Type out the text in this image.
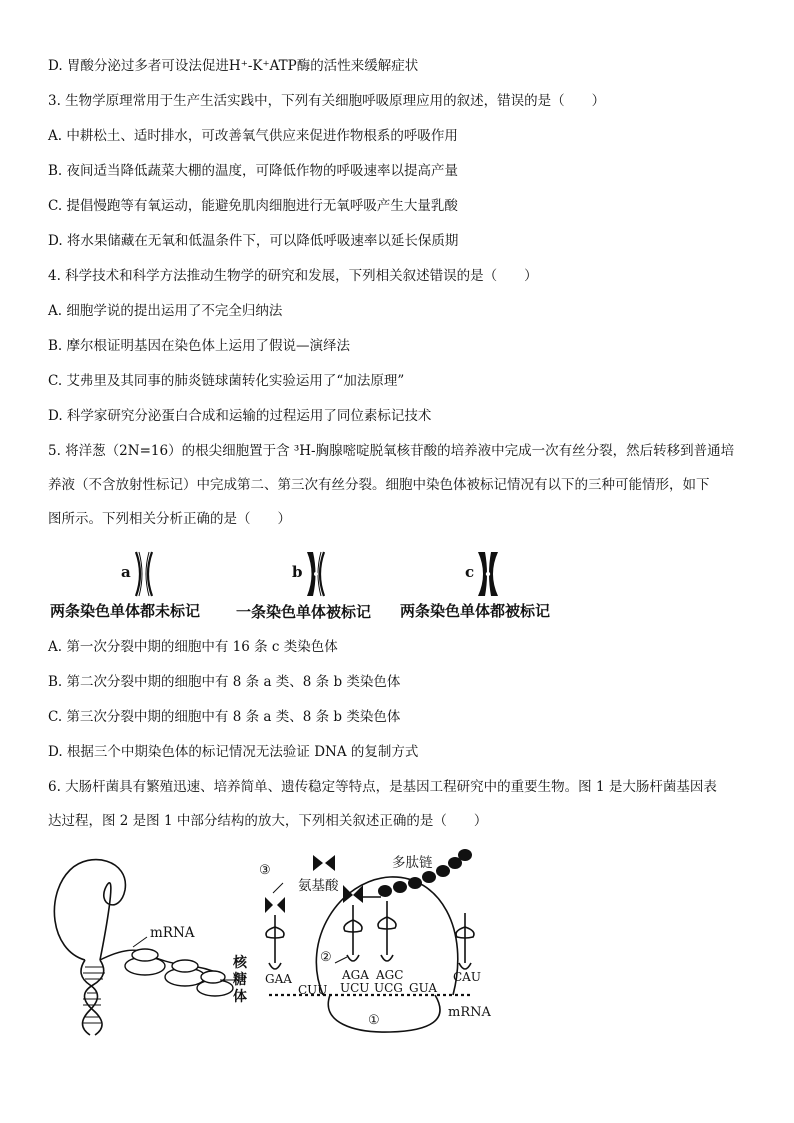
D. 胃酸分泌过多者可设法促进H⁺-K⁺ATP酶的活性来缓解症状
3. 生物学原理常用于生产生活实践中，下列有关细胞呼吸原理应用的叙述，错误的是（　　）
A. 中耕松土、适时排水，可改善氧气供应来促进作物根系的呼吸作用
B. 夜间适当降低蔬菜大棚的温度，可降低作物的呼吸速率以提高产量
C. 提倡慢跑等有氧运动，能避免肌肉细胞进行无氧呼吸产生大量乳酸
D. 将水果储藏在无氧和低温条件下，可以降低呼吸速率以延长保质期
4. 科学技术和科学方法推动生物学的研究和发展，下列相关叙述错误的是（　　）
A. 细胞学说的提出运用了不完全归纳法
B. 摩尔根证明基因在染色体上运用了假说—演绎法
C. 艾弗里及其同事的肺炎链球菌转化实验运用了“加法原理”
D. 科学家研究分泌蛋白合成和运输的过程运用了同位素标记技术
5. 将洋葱（2N=16）的根尖细胞置于含 ³H-胸腺嘧啶脱氧核苷酸的培养液中完成一次有丝分裂，然后转移到普通培
养液（不含放射性标记）中完成第二、第三次有丝分裂。细胞中染色体被标记情况有以下的三种可能情形，如下
图所示。下列相关分析正确的是（　　）
a	b	c
两条染色单体都未标记 一条染色单体被标记 两条染色单体都被标记
A. 第一次分裂中期的细胞中有 16 条 c 类染色体
B. 第二次分裂中期的细胞中有 8 条 a 类、8 条 b 类染色体
C. 第三次分裂中期的细胞中有 8 条 a 类、8 条 b 类染色体
D. 根据三个中期染色体的标记情况无法验证 DNA 的复制方式
6. 大肠杆菌具有繁殖迅速、培养简单、遗传稳定等特点，是基因工程研究中的重要生物。图 1 是大肠杆菌基因表
达过程，图 2 是图 1 中部分结构的放大，下列相关叙述正确的是（　　）
mRNA
核
糖
体
③
氨基酸
多肽链
②
GAA	AGA AGC	CAU
CUU UCU UCG GUA
mRNA
①
